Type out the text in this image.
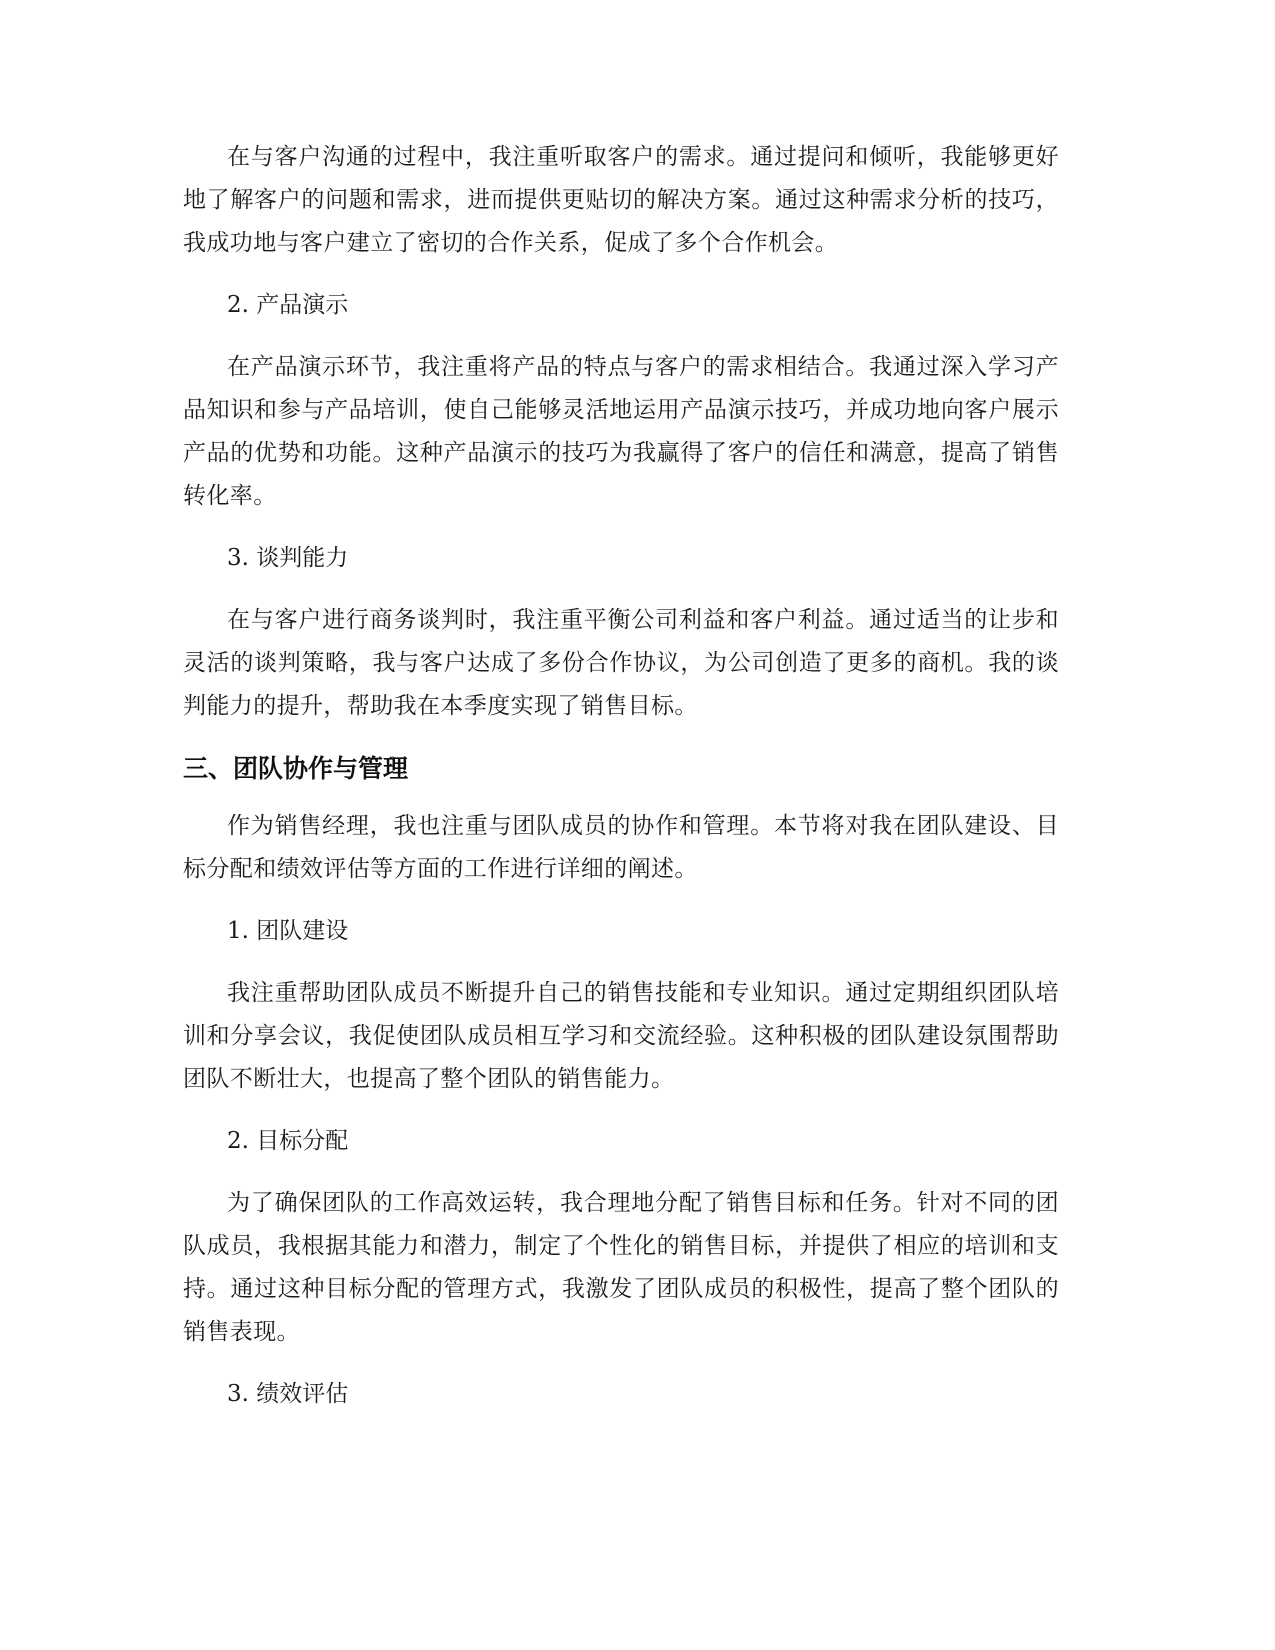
在与客户沟通的过程中，我注重听取客户的需求。通过提问和倾听，我能够更好地了解客户的问题和需求，进而提供更贴切的解决方案。通过这种需求分析的技巧，我成功地与客户建立了密切的合作关系，促成了多个合作机会。

2. 产品演示

在产品演示环节，我注重将产品的特点与客户的需求相结合。我通过深入学习产品知识和参与产品培训，使自己能够灵活地运用产品演示技巧，并成功地向客户展示产品的优势和功能。这种产品演示的技巧为我赢得了客户的信任和满意，提高了销售转化率。

3. 谈判能力

在与客户进行商务谈判时，我注重平衡公司利益和客户利益。通过适当的让步和灵活的谈判策略，我与客户达成了多份合作协议，为公司创造了更多的商机。我的谈判能力的提升，帮助我在本季度实现了销售目标。

三、团队协作与管理

作为销售经理，我也注重与团队成员的协作和管理。本节将对我在团队建设、目标分配和绩效评估等方面的工作进行详细的阐述。

1. 团队建设

我注重帮助团队成员不断提升自己的销售技能和专业知识。通过定期组织团队培训和分享会议，我促使团队成员相互学习和交流经验。这种积极的团队建设氛围帮助团队不断壮大，也提高了整个团队的销售能力。

2. 目标分配

为了确保团队的工作高效运转，我合理地分配了销售目标和任务。针对不同的团队成员，我根据其能力和潜力，制定了个性化的销售目标，并提供了相应的培训和支持。通过这种目标分配的管理方式，我激发了团队成员的积极性，提高了整个团队的销售表现。

3. 绩效评估
